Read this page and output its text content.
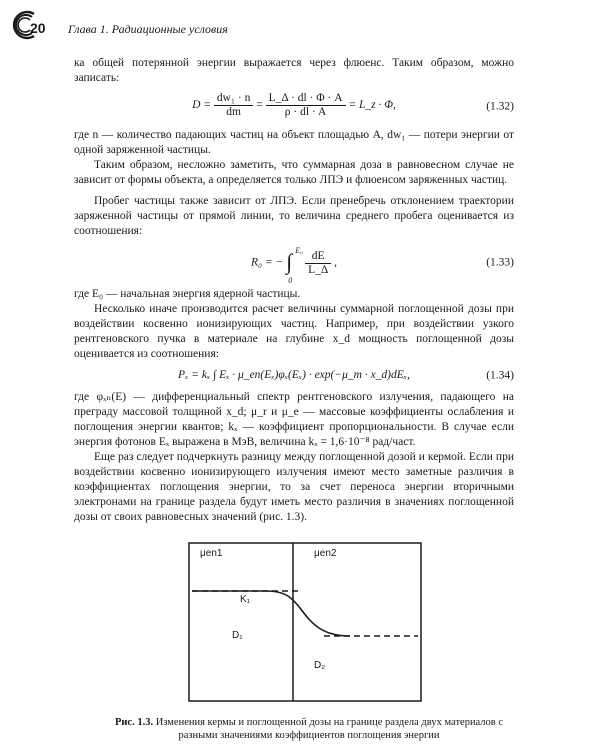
20 Глава 1. Радиационные условия

ка общей потерянной энергии выражается через флюенс. Таким образом, можно записать:

$D = \frac{\text{dw₁ · n}}{dm} = \frac{L\_\Delta \cdot dl \cdot \Phi \cdot A}{\rho \cdot dl \cdot A}$ = L_z · Φ,	(1.32)

где n — количество падающих частиц на объект площадью A, dw₁ — потери энергии от одной заряженной частицы.

Таким образом, несложно заметить, что суммарная доза в равновесном случае не зависит от формы объекта, а определяется только ЛПЭ и флюенсом заряженных частиц.

Пробег частицы также зависит от ЛПЭ. Если пренебречь отклонением траектории заряженной частицы от прямой линии, то величина среднего пробега оценивается из соотношения:

R₀ = − ∫ E₀
0

$\frac{dE}{L\_\Delta}$ ,	(1.33)

где E₀ — начальная энергия ядерной частицы.

Несколько иначе производится расчет величины суммарной поглощенной дозы при воздействии косвенно ионизирующих частиц. Например, при воздействии узкого рентгеновского пучка в материале на глубине x_d мощность поглощенной дозы оценивается из соотношения:

Pₓ = kₓ ∫ Eₓ · μ_en(Eₓ)φₓ(Eₓ) · exp(−μ_m · x_d)dEₓ,	(1.34)

где φₓₙ(E) — дифференциальный спектр рентгеновского излучения, падающего на преграду массовой толщиной x_d; μ_r и μ_e — массовые коэффициенты ослабления и поглощения энергии квантов; kₓ — коэффициент пропорциональности. В случае если энергия фотонов Eₓ выражена в МэВ, величина kₓ = 1,6·10⁻⁸ рад/част.

Еще раз следует подчеркнуть разницу между поглощенной дозой и кермой. Если при воздействии косвенно ионизирующего излучения имеют место заметные различия в коэффициентах поглощения энергии, то за счет переноса энергии вторичными электронами на границе раздела будут иметь место различия в значениях поглощенной дозы от своих равновесных значений (рис. 1.3).

μen1	μen2
K₁
D₁
D₂
Рис. 1.3. Изменения кермы и поглощенной дозы на границе раздела двух материалов с разными значениями коэффициентов поглощения энергии
